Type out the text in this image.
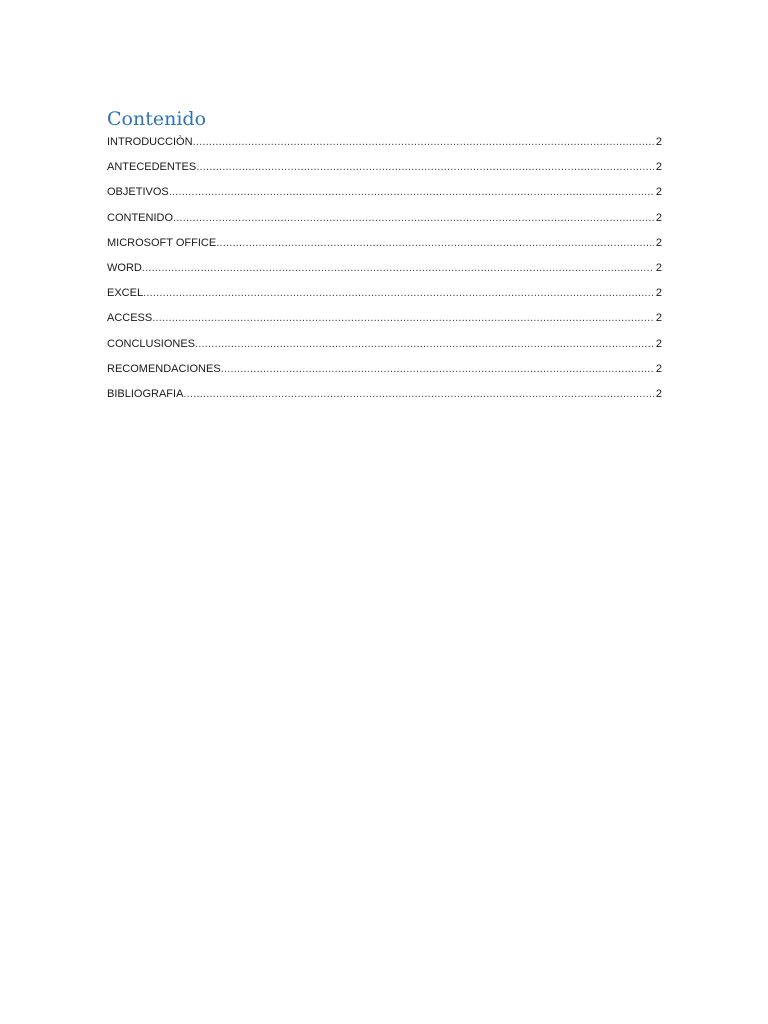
Contenido
INTRODUCCIÒN .....	2
ANTECEDENTES .....	2
OBJETIVOS .....	2
CONTENIDO .....	2
MICROSOFT OFFICE .....	2
WORD .....	2
EXCEL .....	2
ACCESS .....	2
CONCLUSIONES .....	2
RECOMENDACIONES .....	2
BIBLIOGRAFIA .....	2
